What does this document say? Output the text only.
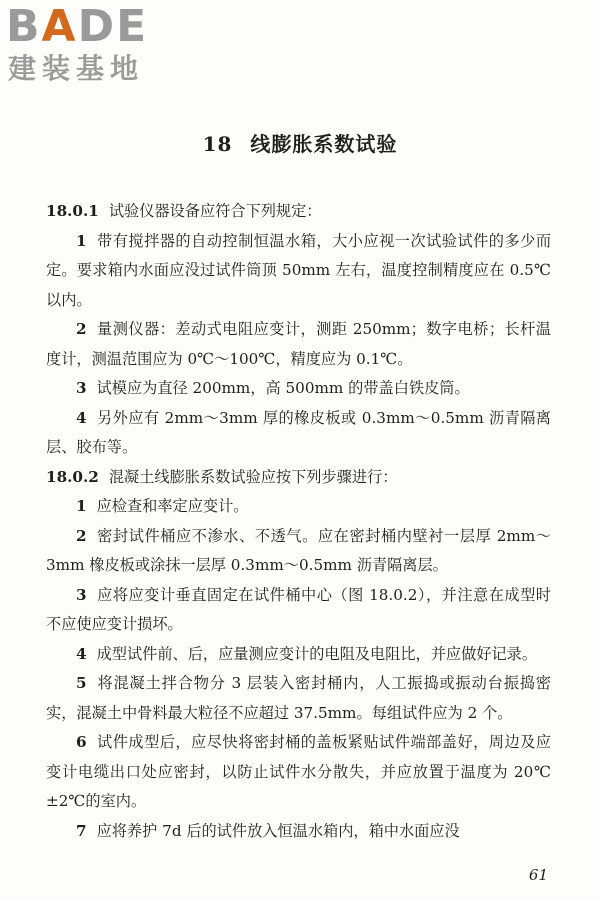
BADE
建装基地
18 线膨胀系数试验

18.0.1 试验仪器设备应符合下列规定：

1 带有搅拌器的自动控制恒温水箱，大小应视一次试验试件的多少而定。要求箱内水面应没过试件筒顶 50mm 左右，温度控制精度应在 0.5℃以内。

2 量测仪器：差动式电阻应变计，测距 250mm；数字电桥；长杆温度计，测温范围应为 0℃～100℃，精度应为 0.1℃。

3 试模应为直径 200mm，高 500mm 的带盖白铁皮筒。

4 另外应有 2mm～3mm 厚的橡皮板或 0.3mm～0.5mm 沥青隔离层、胶布等。

18.0.2 混凝土线膨胀系数试验应按下列步骤进行：

1 应检查和率定应变计。

2 密封试件桶应不渗水、不透气。应在密封桶内壁衬一层厚 2mm～3mm 橡皮板或涂抹一层厚 0.3mm～0.5mm 沥青隔离层。

3 应将应变计垂直固定在试件桶中心（图 18.0.2），并注意在成型时不应使应变计损坏。

4 成型试件前、后，应量测应变计的电阻及电阻比，并应做好记录。

5 将混凝土拌合物分 3 层装入密封桶内，人工振捣或振动台振捣密实，混凝土中骨料最大粒径不应超过 37.5mm。每组试件应为 2 个。

6 试件成型后，应尽快将密封桶的盖板紧贴试件端部盖好，周边及应变计电缆出口处应密封，以防止试件水分散失，并应放置于温度为 20℃±2℃的室内。

7 应将养护 7d 后的试件放入恒温水箱内，箱中水面应没

61
